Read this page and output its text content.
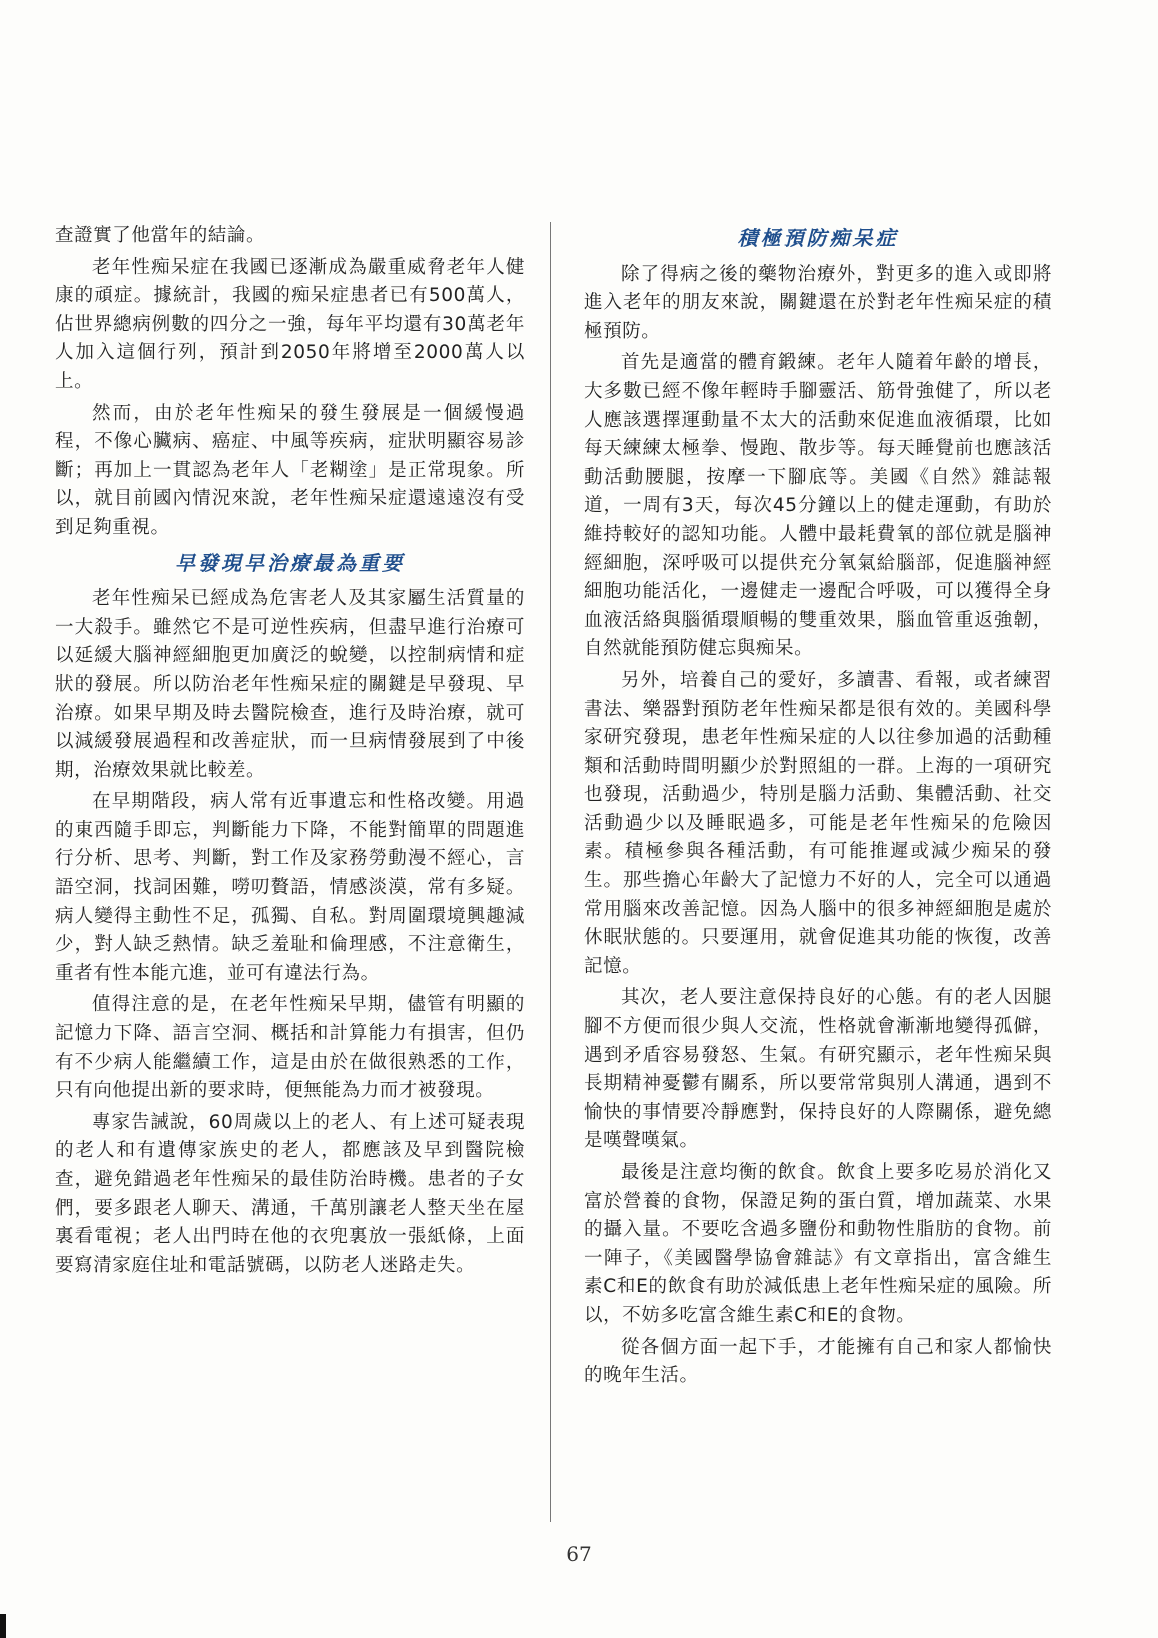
查證實了他當年的結論。

老年性痴呆症在我國已逐漸成為嚴重威脅老年人健康的頑症。據統計，我國的痴呆症患者已有500萬人，佔世界總病例數的四分之一強，每年平均還有30萬老年人加入這個行列，預計到2050年將增至2000萬人以上。

然而，由於老年性痴呆的發生發展是一個緩慢過程，不像心臟病、癌症、中風等疾病，症狀明顯容易診斷；再加上一貫認為老年人「老糊塗」是正常現象。所以，就目前國內情況來說，老年性痴呆症還遠遠沒有受到足夠重視。

早發現早治療最為重要

老年性痴呆已經成為危害老人及其家屬生活質量的一大殺手。雖然它不是可逆性疾病，但盡早進行治療可以延緩大腦神經細胞更加廣泛的蛻變，以控制病情和症狀的發展。所以防治老年性痴呆症的關鍵是早發現、早治療。如果早期及時去醫院檢查，進行及時治療，就可以減緩發展過程和改善症狀，而一旦病情發展到了中後期，治療效果就比較差。

在早期階段，病人常有近事遺忘和性格改變。用過的東西隨手即忘，判斷能力下降，不能對簡單的問題進行分析、思考、判斷，對工作及家務勞動漫不經心，言語空洞，找詞困難，嘮叨贅語，情感淡漠，常有多疑。病人變得主動性不足，孤獨、自私。對周圍環境興趣減少，對人缺乏熱情。缺乏羞耻和倫理感，不注意衛生，重者有性本能亢進，並可有違法行為。

值得注意的是，在老年性痴呆早期，儘管有明顯的記憶力下降、語言空洞、概括和計算能力有損害，但仍有不少病人能繼續工作，這是由於在做很熟悉的工作，只有向他提出新的要求時，便無能為力而才被發現。

專家告誡說，60周歲以上的老人、有上述可疑表現的老人和有遺傳家族史的老人，都應該及早到醫院檢查，避免錯過老年性痴呆的最佳防治時機。患者的子女們，要多跟老人聊天、溝通，千萬別讓老人整天坐在屋裏看電視；老人出門時在他的衣兜裏放一張紙條，上面要寫清家庭住址和電話號碼，以防老人迷路走失。

積極預防痴呆症

除了得病之後的藥物治療外，對更多的進入或即將進入老年的朋友來說，關鍵還在於對老年性痴呆症的積極預防。

首先是適當的體育鍛練。老年人隨着年齡的增長，大多數已經不像年輕時手腳靈活、筋骨強健了，所以老人應該選擇運動量不太大的活動來促進血液循環，比如每天練練太極拳、慢跑、散步等。每天睡覺前也應該活動活動腰腿，按摩一下腳底等。美國《自然》雜誌報道，一周有3天，每次45分鐘以上的健走運動，有助於維持較好的認知功能。人體中最耗費氧的部位就是腦神經細胞，深呼吸可以提供充分氧氣給腦部，促進腦神經細胞功能活化，一邊健走一邊配合呼吸，可以獲得全身血液活絡與腦循環順暢的雙重效果，腦血管重返強韌，自然就能預防健忘與痴呆。

另外，培養自己的愛好，多讀書、看報，或者練習書法、樂器對預防老年性痴呆都是很有效的。美國科學家研究發現，患老年性痴呆症的人以往參加過的活動種類和活動時間明顯少於對照組的一群。上海的一項研究也發現，活動過少，特別是腦力活動、集體活動、社交活動過少以及睡眠過多，可能是老年性痴呆的危險因素。積極參與各種活動，有可能推遲或減少痴呆的發生。那些擔心年齡大了記憶力不好的人，完全可以通過常用腦來改善記憶。因為人腦中的很多神經細胞是處於休眠狀態的。只要運用，就會促進其功能的恢復，改善記憶。

其次，老人要注意保持良好的心態。有的老人因腿腳不方便而很少與人交流，性格就會漸漸地變得孤僻，遇到矛盾容易發怒、生氣。有研究顯示，老年性痴呆與長期精神憂鬱有關系，所以要常常與別人溝通，遇到不愉快的事情要冷靜應對，保持良好的人際關係，避免總是嘆聲嘆氣。

最後是注意均衡的飲食。飲食上要多吃易於消化又富於營養的食物，保證足夠的蛋白質，增加蔬菜、水果的攝入量。不要吃含過多鹽份和動物性脂肪的食物。前一陣子，《美國醫學協會雜誌》有文章指出，富含維生素C和E的飲食有助於減低患上老年性痴呆症的風險。所以，不妨多吃富含維生素C和E的食物。

從各個方面一起下手，才能擁有自己和家人都愉快的晚年生活。

67
